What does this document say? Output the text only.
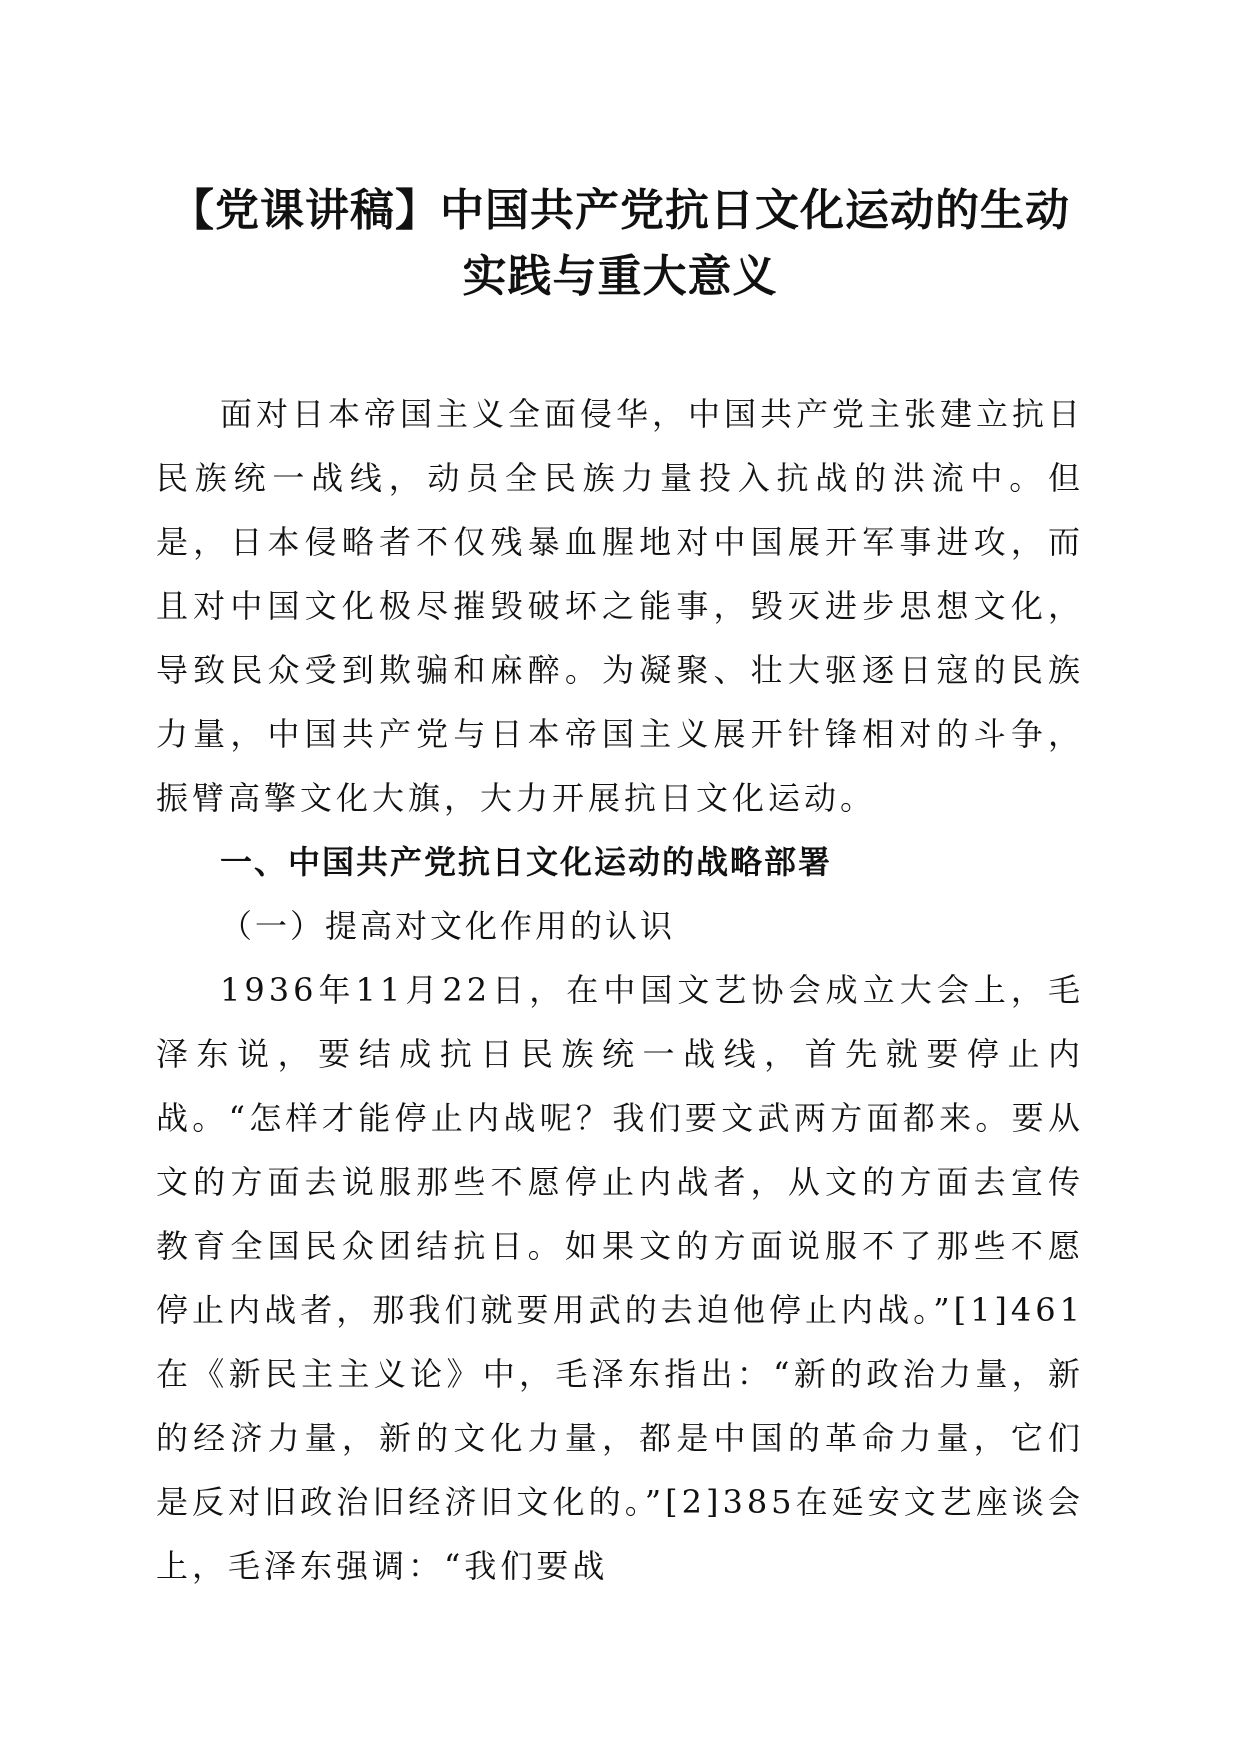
【党课讲稿】中国共产党抗日文化运动的生动
实践与重大意义

面对日本帝国主义全面侵华，中国共产党主张建立抗日民族统一战线，动员全民族力量投入抗战的洪流中。但是，日本侵略者不仅残暴血腥地对中国展开军事进攻，而且对中国文化极尽摧毁破坏之能事，毁灭进步思想文化，导致民众受到欺骗和麻醉。为凝聚、壮大驱逐日寇的民族力量，中国共产党与日本帝国主义展开针锋相对的斗争，振臂高擎文化大旗，大力开展抗日文化运动。

一、中国共产党抗日文化运动的战略部署

（一）提高对文化作用的认识

1936年11月22日，在中国文艺协会成立大会上，毛泽东说，要结成抗日民族统一战线，首先就要停止内战。“怎样才能停止内战呢？我们要文武两方面都来。要从文的方面去说服那些不愿停止内战者，从文的方面去宣传教育全国民众团结抗日。如果文的方面说服不了那些不愿停止内战者，那我们就要用武的去迫他停止内战。”[1]461在《新民主主义论》中，毛泽东指出：“新的政治力量，新的经济力量，新的文化力量，都是中国的革命力量，它们是反对旧政治旧经济旧文化的。”[2]385在延安文艺座谈会上，毛泽东强调：“我们要战
